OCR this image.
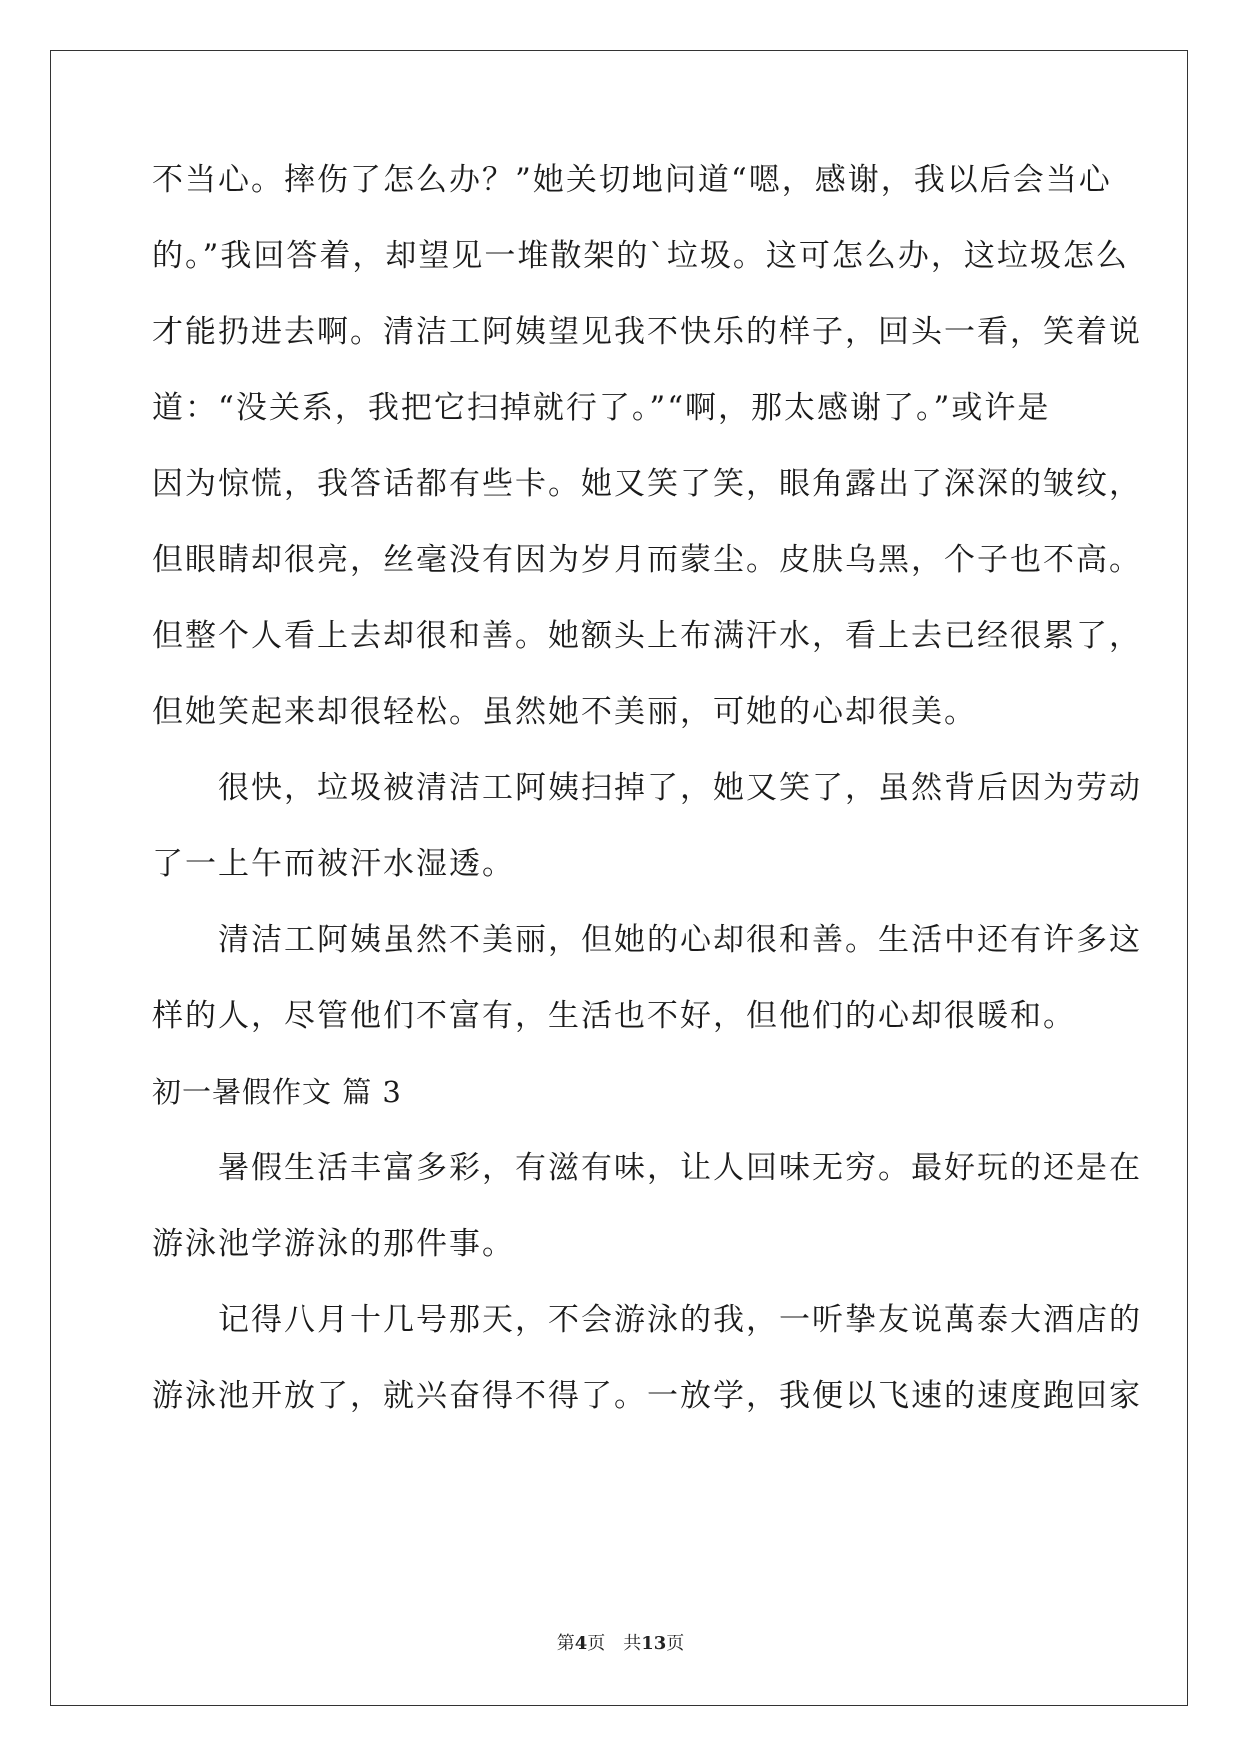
不当心。摔伤了怎么办？”她关切地问道“嗯，感谢，我以后会当心
的。”我回答着，却望见一堆散架的`垃圾。这可怎么办，这垃圾怎么
才能扔进去啊。清洁工阿姨望见我不快乐的样子，回头一看，笑着说
道：“没关系，我把它扫掉就行了。”“啊，那太感谢了。”或许是
因为惊慌，我答话都有些卡。她又笑了笑，眼角露出了深深的皱纹，
但眼睛却很亮，丝毫没有因为岁月而蒙尘。皮肤乌黑，个子也不高。
但整个人看上去却很和善。她额头上布满汗水，看上去已经很累了，
但她笑起来却很轻松。虽然她不美丽，可她的心却很美。
　　很快，垃圾被清洁工阿姨扫掉了，她又笑了，虽然背后因为劳动
了一上午而被汗水湿透。
　　清洁工阿姨虽然不美丽，但她的心却很和善。生活中还有许多这
样的人，尽管他们不富有，生活也不好，但他们的心却很暖和。
初一暑假作文 篇 3
　　暑假生活丰富多彩，有滋有味，让人回味无穷。最好玩的还是在
游泳池学游泳的那件事。
　　记得八月十几号那天，不会游泳的我，一听挚友说萬泰大酒店的
游泳池开放了，就兴奋得不得了。一放学，我便以飞速的速度跑回家
第4页 共13页
